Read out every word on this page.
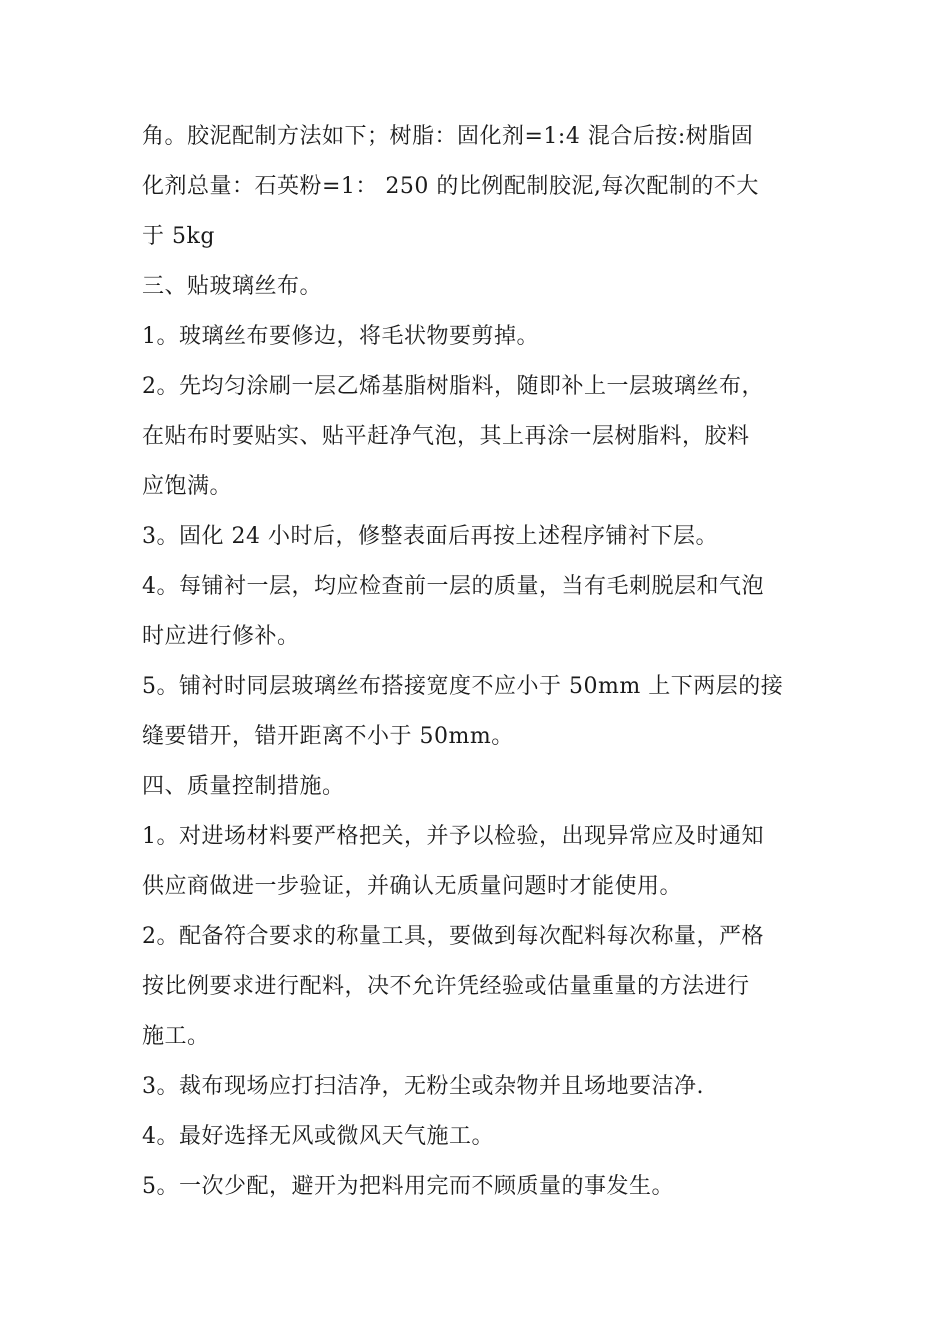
角。胶泥配制方法如下；树脂：固化剂=1:4 混合后按:树脂固

化剂总量：石英粉=1： 250 的比例配制胶泥,每次配制的不大

于 5kg

三、贴玻璃丝布。

1。玻璃丝布要修边，将毛状物要剪掉。

2。先均匀涂刷一层乙烯基脂树脂料，随即补上一层玻璃丝布，

在贴布时要贴实、贴平赶净气泡，其上再涂一层树脂料，胶料

应饱满。

3。固化 24 小时后，修整表面后再按上述程序铺衬下层。

4。每铺衬一层，均应检查前一层的质量，当有毛刺脱层和气泡

时应进行修补。

5。铺衬时同层玻璃丝布搭接宽度不应小于 50mm 上下两层的接

缝要错开，错开距离不小于 50mm。

四、质量控制措施。

1。对进场材料要严格把关，并予以检验，出现异常应及时通知

供应商做进一步验证，并确认无质量问题时才能使用。

2。配备符合要求的称量工具，要做到每次配料每次称量，严格

按比例要求进行配料，决不允许凭经验或估量重量的方法进行

施工。

3。裁布现场应打扫洁净，无粉尘或杂物并且场地要洁净.

4。最好选择无风或微风天气施工。

5。一次少配，避开为把料用完而不顾质量的事发生。
